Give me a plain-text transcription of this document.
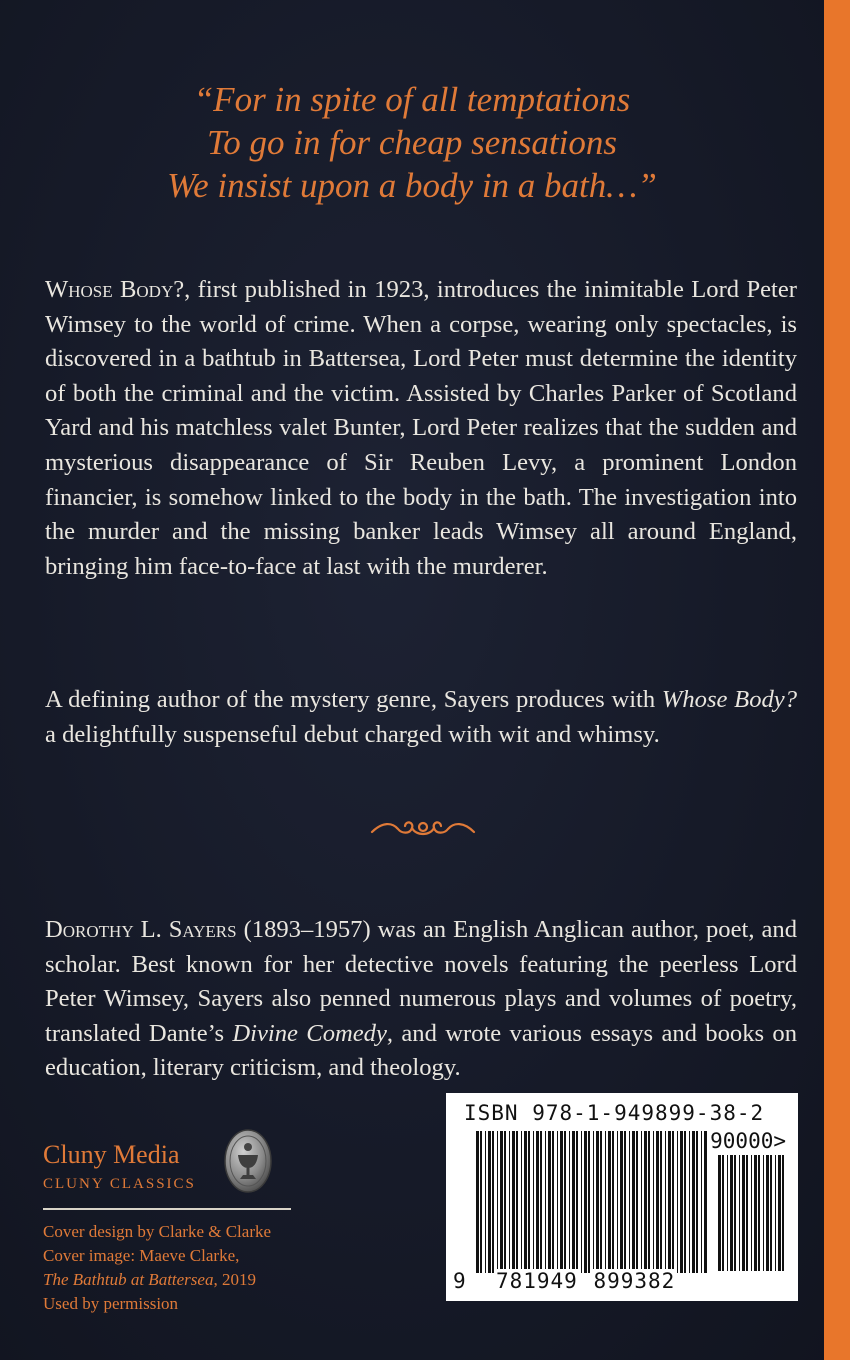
“For in spite of all temptations
To go in for cheap sensations
We insist upon a body in a bath…”

Whose Body?, first published in 1923, introduces the inimitable Lord Peter Wimsey to the world of crime. When a corpse, wearing only spectacles, is discovered in a bathtub in Battersea, Lord Peter must determine the identity of both the criminal and the victim. Assisted by Charles Parker of Scotland Yard and his matchless valet Bunter, Lord Peter realizes that the sudden and mysterious disappearance of Sir Reuben Levy, a prominent London financier, is somehow linked to the body in the bath. The investigation into the murder and the missing banker leads Wimsey all around England, bringing him face-to-face at last with the murderer.

A defining author of the mystery genre, Sayers produces with Whose Body? a delightfully suspenseful debut charged with wit and whimsy.

Dorothy L. Sayers (1893–1957) was an English Anglican author, poet, and scholar. Best known for her detective novels featuring the peerless Lord Peter Wimsey, Sayers also penned numerous plays and volumes of poetry, translated Dante’s Divine Comedy, and wrote various essays and books on education, literary criticism, and theology.

Cluny Media
CLUNY CLASSICS
Cover design by Clarke & Clarke
Cover image: Maeve Clarke,
The Bathtub at Battersea, 2019
Used by permission
ISBN 978-1-949899-38-2
90000>
9 781949 899382
